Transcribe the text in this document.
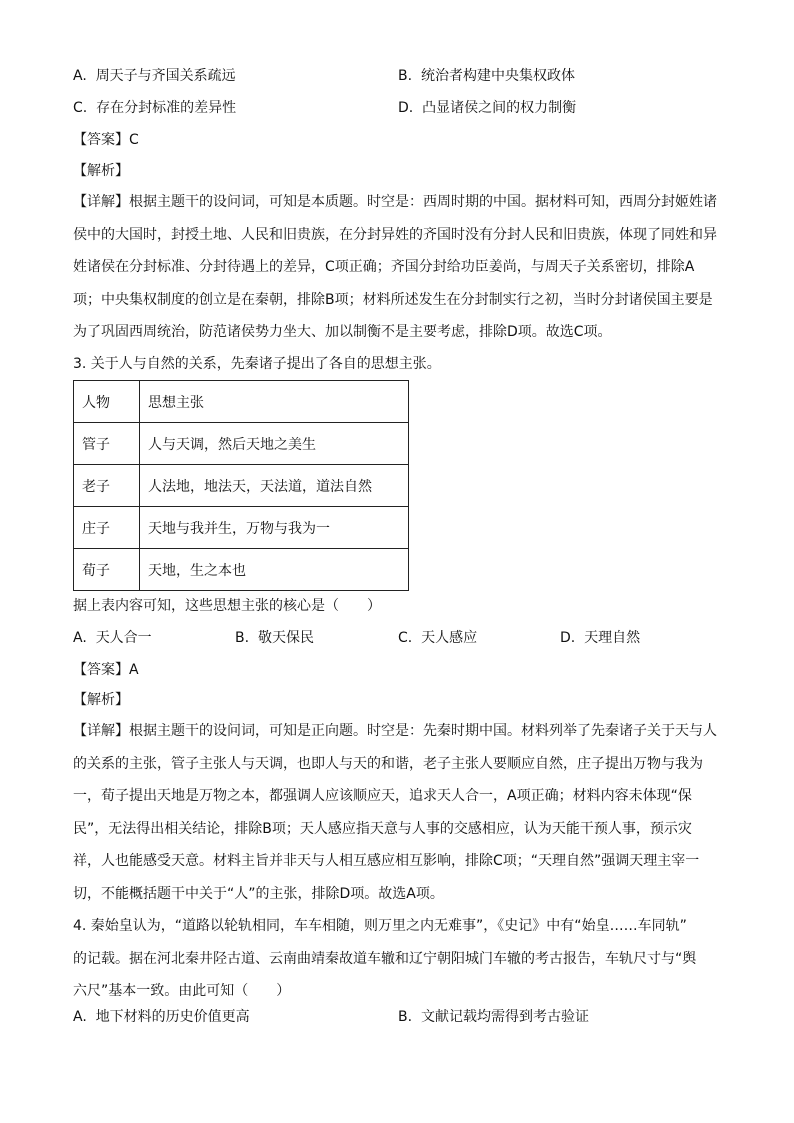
A. 周天子与齐国关系疏远	B. 统治者构建中央集权政体
C. 存在分封标准的差异性	D. 凸显诸侯之间的权力制衡
【答案】C
【解析】
【详解】根据主题干的设问词，可知是本质题。时空是：西周时期的中国。据材料可知，西周分封姬姓诸
侯中的大国时，封授土地、人民和旧贵族，在分封异姓的齐国时没有分封人民和旧贵族，体现了同姓和异
姓诸侯在分封标准、分封待遇上的差异，C项正确；齐国分封给功臣姜尚，与周天子关系密切，排除A
项；中央集权制度的创立是在秦朝，排除B项；材料所述发生在分封制实行之初，当时分封诸侯国主要是
为了巩固西周统治，防范诸侯势力坐大、加以制衡不是主要考虑，排除D项。故选C项。
3. 关于人与自然的关系，先秦诸子提出了各自的思想主张。
人物	思想主张
管子	人与天调，然后天地之美生
老子	人法地，地法天，天法道，道法自然
庄子	天地与我并生，万物与我为一
荀子	天地，生之本也
据上表内容可知，这些思想主张的核心是（　　）
A. 天人合一	B. 敬天保民	C. 天人感应	D. 天理自然
【答案】A
【解析】
【详解】根据主题干的设问词，可知是正向题。时空是：先秦时期中国。材料列举了先秦诸子关于天与人
的关系的主张，管子主张人与天调，也即人与天的和谐，老子主张人要顺应自然，庄子提出万物与我为
一，荀子提出天地是万物之本，都强调人应该顺应天，追求天人合一，A项正确；材料内容未体现“保
民”，无法得出相关结论，排除B项；天人感应指天意与人事的交感相应，认为天能干预人事，预示灾
祥，人也能感受天意。材料主旨并非天与人相互感应相互影响，排除C项；“天理自然”强调天理主宰一
切，不能概括题干中关于“人”的主张，排除D项。故选A项。
4. 秦始皇认为，“道路以轮轨相同，车车相随，则万里之内无难事”，《史记》中有“始皇……车同轨”
的记载。据在河北秦井陉古道、云南曲靖秦故道车辙和辽宁朝阳城门车辙的考古报告，车轨尺寸与“舆
六尺”基本一致。由此可知（　　）
A. 地下材料的历史价值更高	B. 文献记载均需得到考古验证
